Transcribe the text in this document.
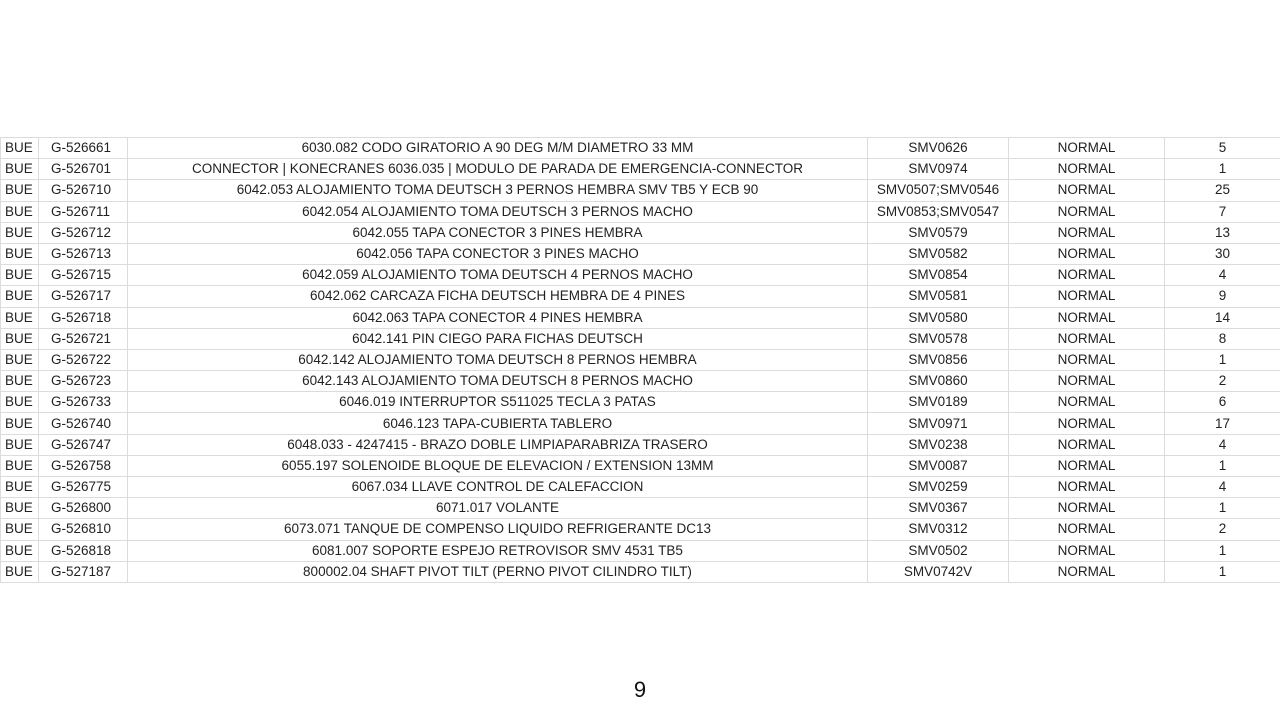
BUE	G-526661	6030.082 CODO GIRATORIO A 90 DEG M/M DIAMETRO 33 MM	SMV0626	NORMAL	5
BUE	G-526701	CONNECTOR | KONECRANES 6036.035 | MODULO DE PARADA DE EMERGENCIA-CONNECTOR	SMV0974	NORMAL	1
BUE	G-526710	6042.053 ALOJAMIENTO TOMA DEUTSCH 3 PERNOS HEMBRA SMV TB5 Y ECB 90	SMV0507;SMV0546	NORMAL	25
BUE	G-526711	6042.054 ALOJAMIENTO TOMA DEUTSCH 3 PERNOS MACHO	SMV0853;SMV0547	NORMAL	7
BUE	G-526712	6042.055 TAPA CONECTOR 3 PINES HEMBRA	SMV0579	NORMAL	13
BUE	G-526713	6042.056 TAPA CONECTOR 3 PINES MACHO	SMV0582	NORMAL	30
BUE	G-526715	6042.059 ALOJAMIENTO TOMA DEUTSCH 4 PERNOS MACHO	SMV0854	NORMAL	4
BUE	G-526717	6042.062 CARCAZA FICHA DEUTSCH HEMBRA DE 4 PINES	SMV0581	NORMAL	9
BUE	G-526718	6042.063 TAPA CONECTOR 4 PINES HEMBRA	SMV0580	NORMAL	14
BUE	G-526721	6042.141 PIN CIEGO PARA FICHAS DEUTSCH	SMV0578	NORMAL	8
BUE	G-526722	6042.142 ALOJAMIENTO TOMA DEUTSCH 8 PERNOS HEMBRA	SMV0856	NORMAL	1
BUE	G-526723	6042.143 ALOJAMIENTO TOMA DEUTSCH 8 PERNOS MACHO	SMV0860	NORMAL	2
BUE	G-526733	6046.019 INTERRUPTOR S511025 TECLA 3 PATAS	SMV0189	NORMAL	6
BUE	G-526740	6046.123 TAPA-CUBIERTA TABLERO	SMV0971	NORMAL	17
BUE	G-526747	6048.033 - 4247415 - BRAZO DOBLE LIMPIAPARABRIZA TRASERO	SMV0238	NORMAL	4
BUE	G-526758	6055.197 SOLENOIDE BLOQUE DE ELEVACION / EXTENSION 13MM	SMV0087	NORMAL	1
BUE	G-526775	6067.034 LLAVE CONTROL DE CALEFACCION	SMV0259	NORMAL	4
BUE	G-526800	6071.017 VOLANTE	SMV0367	NORMAL	1
BUE	G-526810	6073.071 TANQUE DE COMPENSO LIQUIDO REFRIGERANTE DC13	SMV0312	NORMAL	2
BUE	G-526818	6081.007 SOPORTE ESPEJO RETROVISOR SMV 4531 TB5	SMV0502	NORMAL	1
BUE	G-527187	800002.04 SHAFT PIVOT TILT (PERNO PIVOT CILINDRO TILT)	SMV0742V	NORMAL	1
9
